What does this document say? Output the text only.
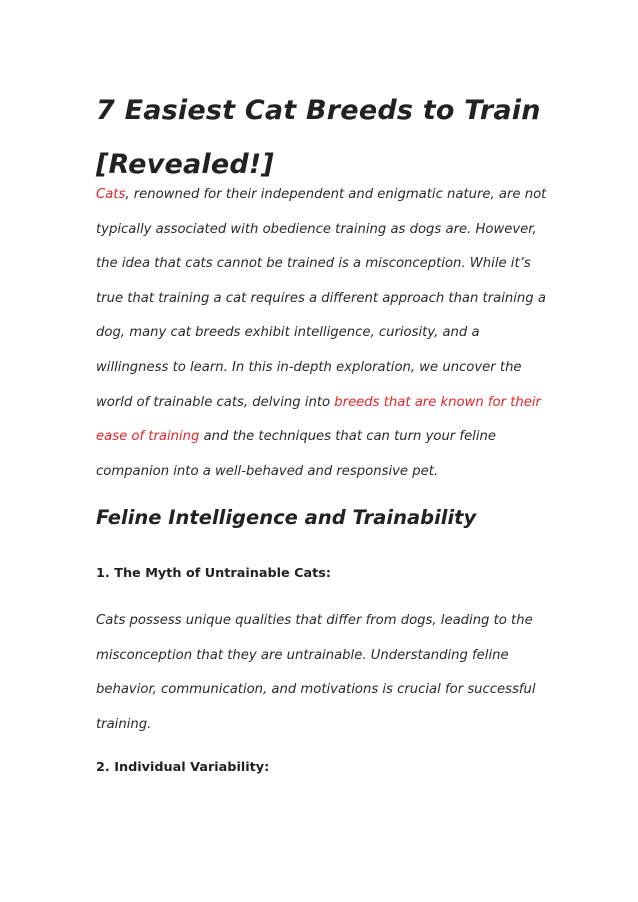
7 Easiest Cat Breeds to Train [Revealed!]

Cats, renowned for their independent and enigmatic nature, are not typically associated with obedience training as dogs are. However, the idea that cats cannot be trained is a misconception. While it’s true that training a cat requires a different approach than training a dog, many cat breeds exhibit intelligence, curiosity, and a willingness to learn. In this in-depth exploration, we uncover the world of trainable cats, delving into breeds that are known for their ease of training and the techniques that can turn your feline companion into a well-behaved and responsive pet.

Feline Intelligence and Trainability
1. The Myth of Untrainable Cats:

Cats possess unique qualities that differ from dogs, leading to the misconception that they are untrainable. Understanding feline behavior, communication, and motivations is crucial for successful training.

2. Individual Variability:
